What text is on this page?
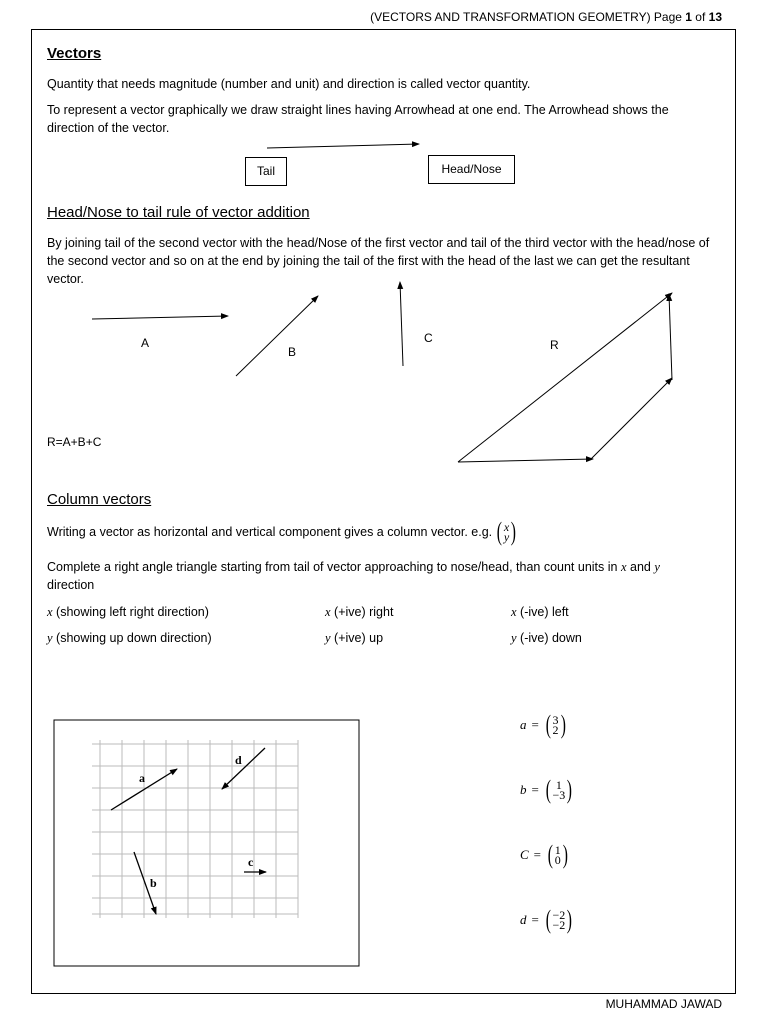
(VECTORS AND TRANSFORMATION GEOMETRY) Page 1 of 13
Vectors
Quantity that needs magnitude (number and unit) and direction is called vector quantity.
To represent a vector graphically we draw straight lines having Arrowhead at one end. The Arrowhead shows the direction of the vector.
a
b
c
d
Tail	Head/Nose
Head/Nose to tail rule of vector addition
By joining tail of the second vector with the head/Nose of the first vector and tail of the third vector with the head/nose of the second vector and so on at the end by joining the tail of the first with the head of the last we can get the resultant vector.
A
B
C	R
R=A+B+C
Column vectors
Writing a vector as horizontal and vertical component gives a column vector. e.g. ( x
y )
Complete a right angle triangle starting from tail of vector approaching to nose/head, than count units in x and y
direction
x (showing left right direction)	x (+ive) right	x (-ive) left
y (showing up down direction)	y (+ive) up	y (-ive) down
a = ( 3
2 )
b = ( 1
−3 )
C = ( 1
0 )
d = ( −2
−2 )
MUHAMMAD JAWAD
